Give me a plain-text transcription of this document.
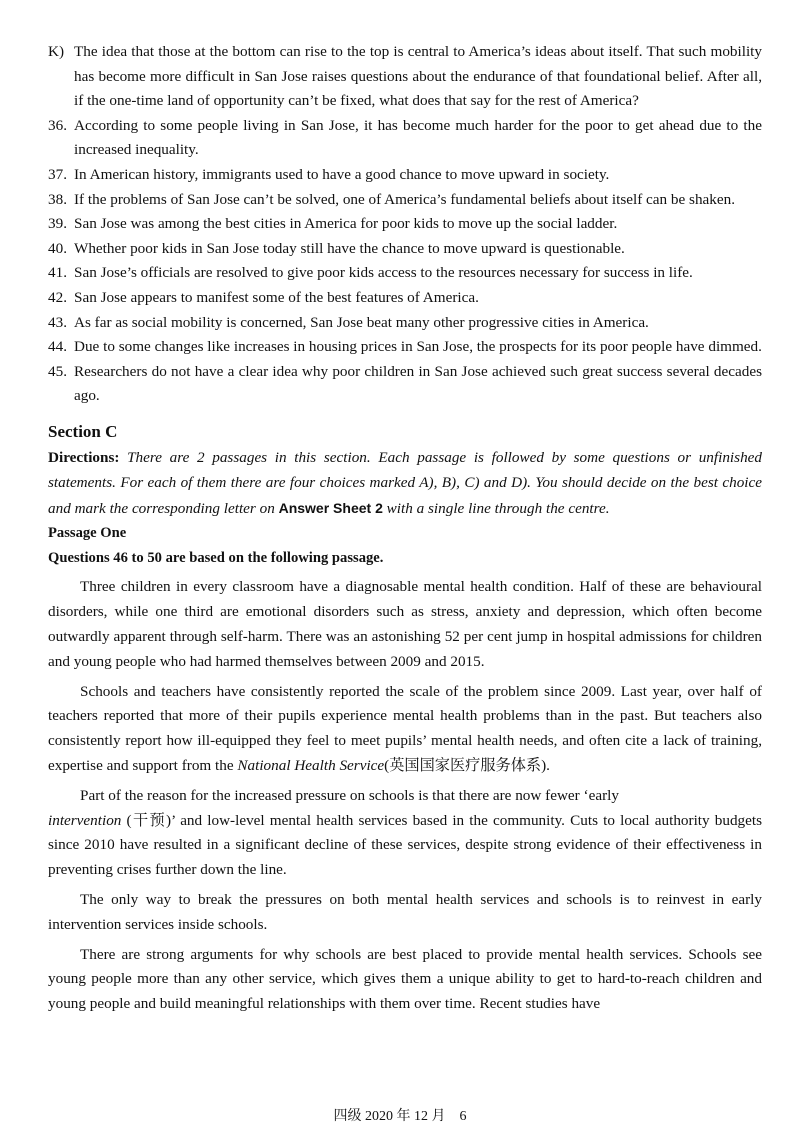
K) The idea that those at the bottom can rise to the top is central to America’s ideas about itself. That such mobility has become more difficult in San Jose raises questions about the endurance of that foundational belief. After all, if the one-time land of opportunity can’t be fixed, what does that say for the rest of America?
36. According to some people living in San Jose, it has become much harder for the poor to get ahead due to the increased inequality.
37. In American history, immigrants used to have a good chance to move upward in society.
38. If the problems of San Jose can’t be solved, one of America’s fundamental beliefs about itself can be shaken.
39. San Jose was among the best cities in America for poor kids to move up the social ladder.
40. Whether poor kids in San Jose today still have the chance to move upward is questionable.
41. San Jose’s officials are resolved to give poor kids access to the resources necessary for success in life.
42. San Jose appears to manifest some of the best features of America.
43. As far as social mobility is concerned, San Jose beat many other progressive cities in America.
44. Due to some changes like increases in housing prices in San Jose, the prospects for its poor people have dimmed.
45. Researchers do not have a clear idea why poor children in San Jose achieved such great success several decades ago.
Section C
Directions: There are 2 passages in this section. Each passage is followed by some questions or unfinished statements. For each of them there are four choices marked A), B), C) and D). You should decide on the best choice and mark the corresponding letter on Answer Sheet 2 with a single line through the centre.
Passage One
Questions 46 to 50 are based on the following passage.
Three children in every classroom have a diagnosable mental health condition. Half of these are behavioural disorders, while one third are emotional disorders such as stress, anxiety and depression, which often become outwardly apparent through self-harm. There was an astonishing 52 per cent jump in hospital admissions for children and young people who had harmed themselves between 2009 and 2015.
Schools and teachers have consistently reported the scale of the problem since 2009. Last year, over half of teachers reported that more of their pupils experience mental health problems than in the past. But teachers also consistently report how ill-equipped they feel to meet pupils’ mental health needs, and often cite a lack of training, expertise and support from the National Health Service(英国国家医疗服务体系).
Part of the reason for the increased pressure on schools is that there are now fewer ‘early
intervention (干预)’ and low-level mental health services based in the community. Cuts to local authority budgets since 2010 have resulted in a significant decline of these services, despite strong evidence of their effectiveness in preventing crises further down the line.
The only way to break the pressures on both mental health services and schools is to reinvest in early intervention services inside schools.
There are strong arguments for why schools are best placed to provide mental health services. Schools see young people more than any other service, which gives them a unique ability to get to hard-to-reach children and young people and build meaningful relationships with them over time. Recent studies have
四级 2020 年 12 月　6
